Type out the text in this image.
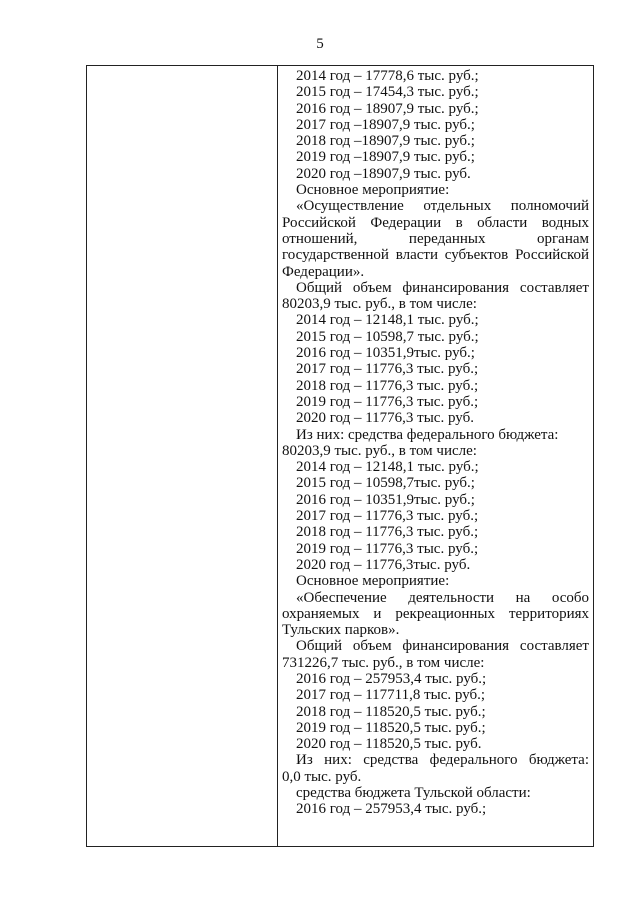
5
2014 год – 17778,6 тыс. руб.;
2015 год – 17454,3 тыс. руб.;
2016 год – 18907,9 тыс. руб.;
2017 год –18907,9 тыс. руб.;
2018 год –18907,9 тыс. руб.;
2019 год –18907,9 тыс. руб.;
2020 год –18907,9 тыс. руб.
Основное мероприятие:
«Осуществление отдельных полномочий
Российской Федерации в области водных
отношений, переданных органам
государственной власти субъектов Российской
Федерации».
Общий объем финансирования составляет
80203,9 тыс. руб., в том числе:
2014 год – 12148,1 тыс. руб.;
2015 год – 10598,7 тыс. руб.;
2016 год – 10351,9тыс. руб.;
2017 год – 11776,3 тыс. руб.;
2018 год – 11776,3 тыс. руб.;
2019 год – 11776,3 тыс. руб.;
2020 год – 11776,3 тыс. руб.
Из них: средства федерального бюджета:
80203,9 тыс. руб., в том числе:
2014 год – 12148,1 тыс. руб.;
2015 год – 10598,7тыс. руб.;
2016 год – 10351,9тыс. руб.;
2017 год – 11776,3 тыс. руб.;
2018 год – 11776,3 тыс. руб.;
2019 год – 11776,3 тыс. руб.;
2020 год – 11776,3тыс. руб.
Основное мероприятие:
«Обеспечение деятельности на особо
охраняемых и рекреационных территориях
Тульских парков».
Общий объем финансирования составляет
731226,7 тыс. руб., в том числе:
2016 год – 257953,4 тыс. руб.;
2017 год – 117711,8 тыс. руб.;
2018 год – 118520,5 тыс. руб.;
2019 год – 118520,5 тыс. руб.;
2020 год – 118520,5 тыс. руб.
Из них: средства федерального бюджета:
0,0 тыс. руб.
средства бюджета Тульской области:
2016 год – 257953,4 тыс. руб.;
